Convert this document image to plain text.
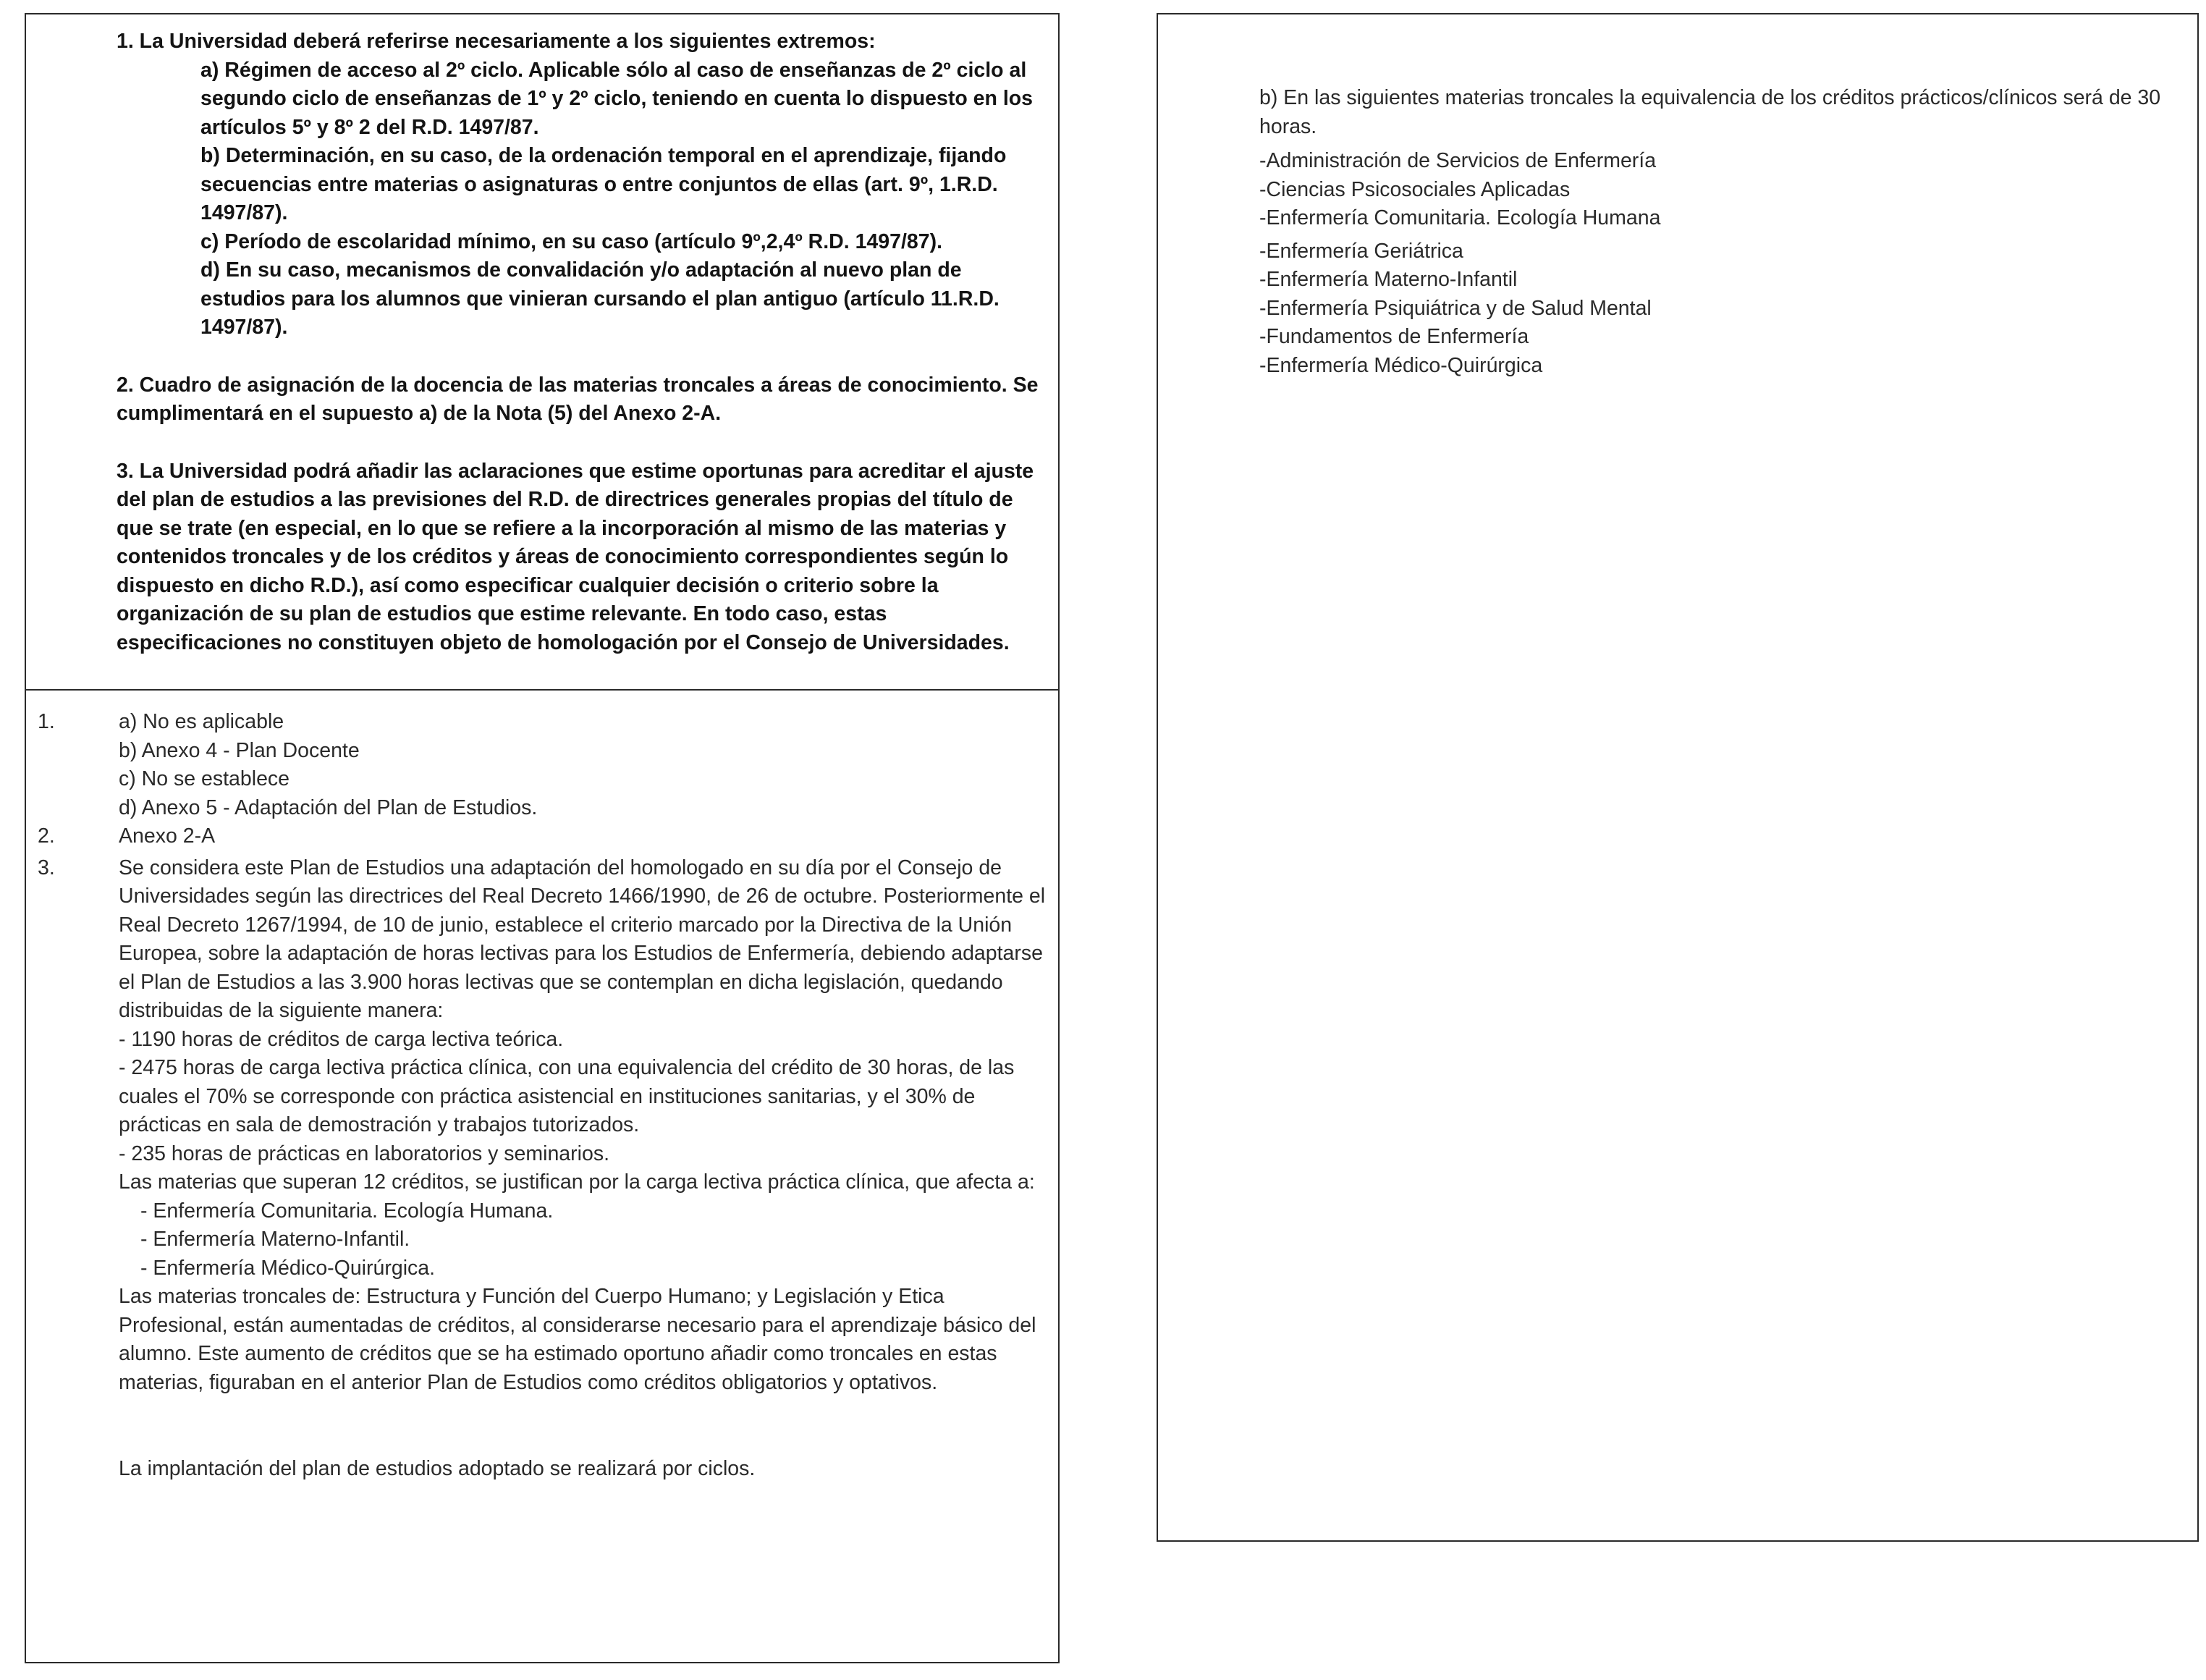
1. La Universidad deberá referirse necesariamente a los siguientes extremos:

a) Régimen de acceso al 2º ciclo. Aplicable sólo al caso de enseñanzas de 2º ciclo al segundo ciclo de enseñanzas de 1º y 2º ciclo, teniendo en cuenta lo dispuesto en los artículos 5º y 8º 2 del R.D. 1497/87.

b) Determinación, en su caso, de la ordenación temporal en el aprendizaje, fijando secuencias entre materias o asignaturas o entre conjuntos de ellas (art. 9º, 1.R.D. 1497/87).

c) Período de escolaridad mínimo, en su caso (artículo 9º,2,4º R.D. 1497/87).

d) En su caso, mecanismos de convalidación y/o adaptación al nuevo plan de estudios para los alumnos que vinieran cursando el plan antiguo (artículo 11.R.D. 1497/87).

2. Cuadro de asignación de la docencia de las materias troncales a áreas de conocimiento. Se cumplimentará en el supuesto a) de la Nota (5) del Anexo 2-A.

3. La Universidad podrá añadir las aclaraciones que estime oportunas para acreditar el ajuste del plan de estudios a las previsiones del R.D. de directrices generales propias del título de que se trate (en especial, en lo que se refiere a la incorporación al mismo de las materias y contenidos troncales y de los créditos y áreas de conocimiento correspondientes según lo dispuesto en dicho R.D.), así como especificar cualquier decisión o criterio sobre la organización de su plan de estudios que estime relevante. En todo caso, estas especificaciones no constituyen objeto de homologación por el Consejo de Universidades.

1.	a) No es aplicable

b) Anexo 4 - Plan Docente

c) No se establece

d) Anexo 5 - Adaptación del Plan de Estudios.

2.	Anexo 2-A

3.	Se considera este Plan de Estudios una adaptación del homologado en su día por el Consejo de Universidades según las directrices del Real Decreto 1466/1990, de 26 de octubre. Posteriormente el Real Decreto 1267/1994, de 10 de junio, establece el criterio marcado por la Directiva de la Unión Europea, sobre la adaptación de horas lectivas para los Estudios de Enfermería, debiendo adaptarse el Plan de Estudios a las 3.900 horas lectivas que se contemplan en dicha legislación, quedando distribuidas de la siguiente manera:

- 1190 horas de créditos de carga lectiva teórica.

- 2475 horas de carga lectiva práctica clínica, con una equivalencia del crédito de 30 horas, de las cuales el 70% se corresponde con práctica asistencial en instituciones sanitarias, y el 30% de prácticas en sala de demostración y trabajos tutorizados.

- 235 horas de prácticas en laboratorios y seminarios.

Las materias que superan 12 créditos, se justifican por la carga lectiva práctica clínica, que afecta a:

- Enfermería Comunitaria. Ecología Humana.

- Enfermería Materno-Infantil.

- Enfermería Médico-Quirúrgica.

Las materias troncales de: Estructura y Función del Cuerpo Humano; y Legislación y Etica Profesional, están aumentadas de créditos, al considerarse necesario para el aprendizaje básico del alumno. Este aumento de créditos que se ha estimado oportuno añadir como troncales en estas materias, figuraban en el anterior Plan de Estudios como créditos obligatorios y optativos.

La implantación del plan de estudios adoptado se realizará por ciclos.

b) En las siguientes materias troncales la equivalencia de los créditos prácticos/clínicos será de 30 horas.

-Administración de Servicios de Enfermería

-Ciencias Psicosociales Aplicadas

-Enfermería Comunitaria. Ecología Humana

-Enfermería Geriátrica

-Enfermería Materno-Infantil

-Enfermería Psiquiátrica y de Salud Mental

-Fundamentos de Enfermería

-Enfermería Médico-Quirúrgica
